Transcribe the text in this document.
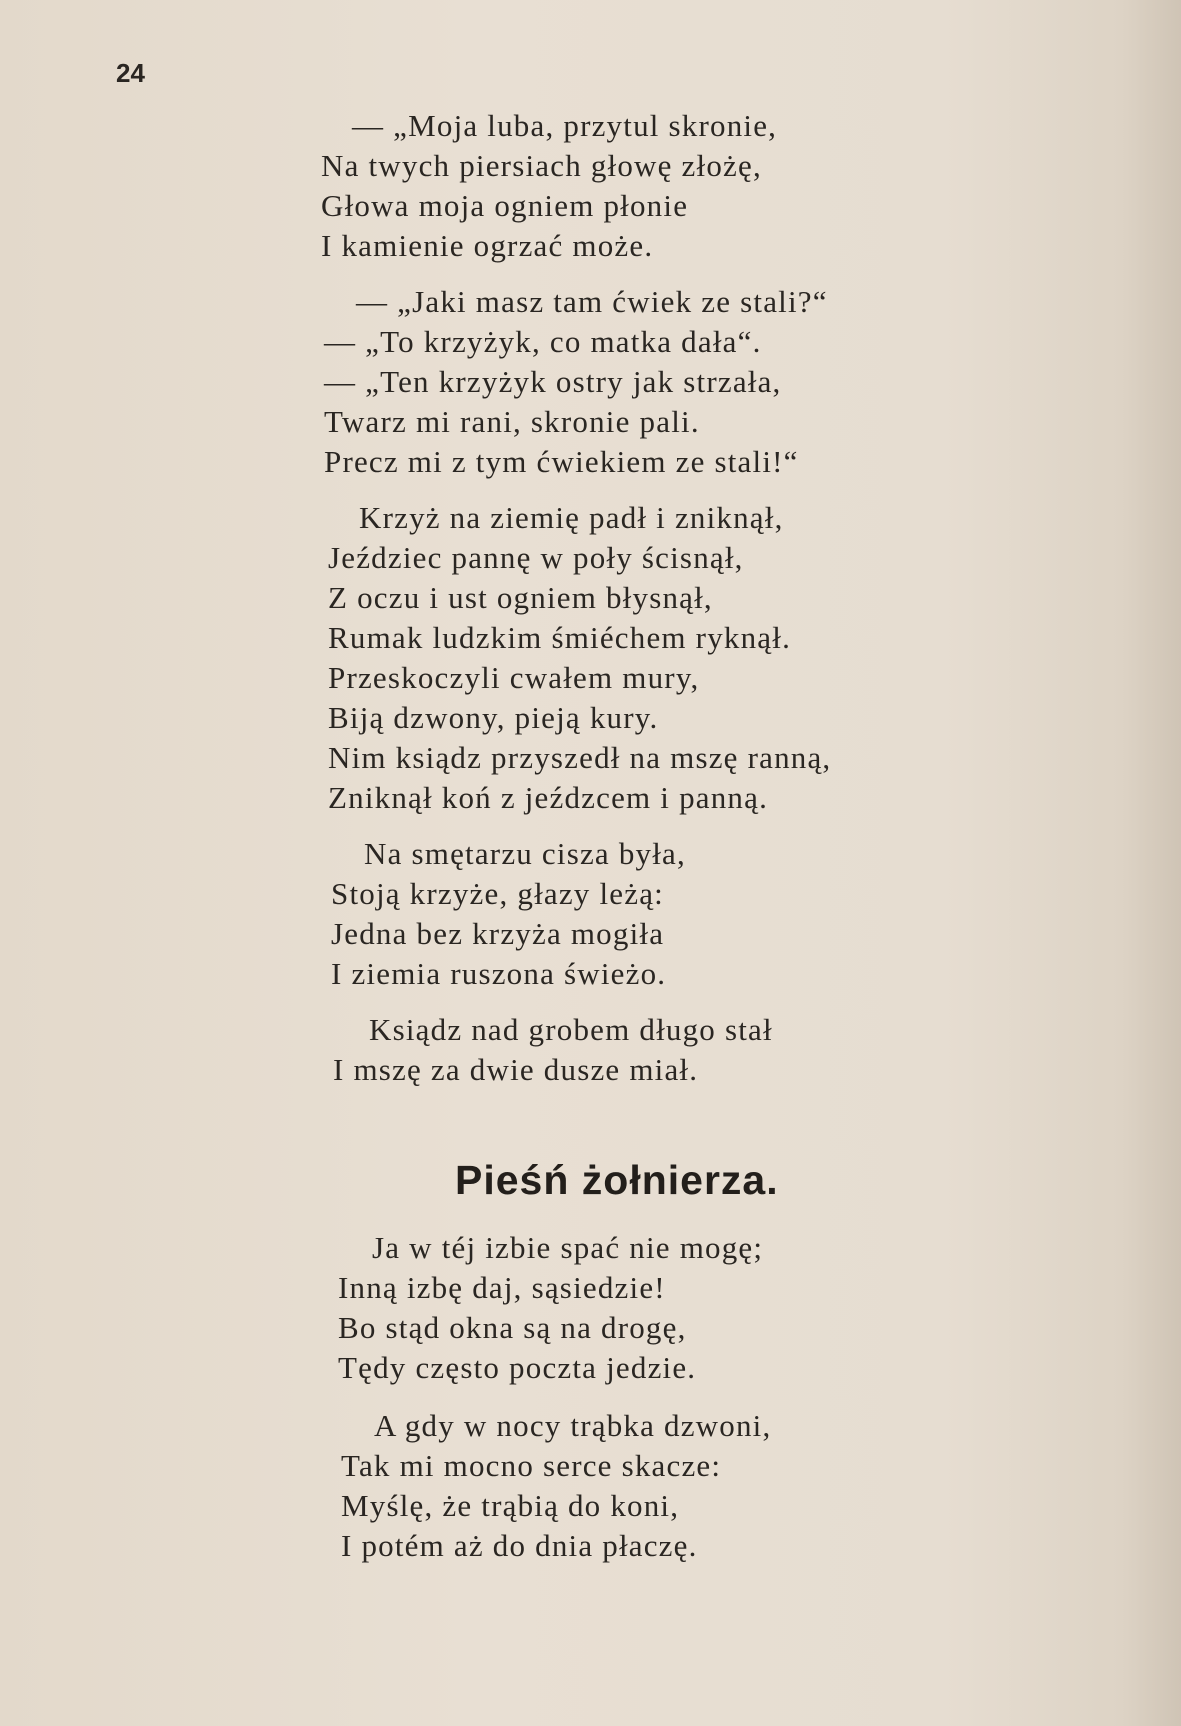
24
— „Moja luba, przytul skronie,
Na twych piersiach głowę złożę,
Głowa moja ogniem płonie
I kamienie ogrzać może.
— „Jaki masz tam ćwiek ze stali?“
— „To krzyżyk, co matka dała“.
— „Ten krzyżyk ostry jak strzała,
Twarz mi rani, skronie pali.
Precz mi z tym ćwiekiem ze stali!“
Krzyż na ziemię padł i zniknął,
Jeździec pannę w poły ścisnął,
Z oczu i ust ogniem błysnął,
Rumak ludzkim śmiéchem ryknął.
Przeskoczyli cwałem mury,
Biją dzwony, pieją kury.
Nim ksiądz przyszedł na mszę ranną,
Zniknął koń z jeźdzcem i panną.
Na smętarzu cisza była,
Stoją krzyże, głazy leżą:
Jedna bez krzyża mogiła
I ziemia ruszona świeżo.
Ksiądz nad grobem długo stał
I mszę za dwie dusze miał.
Pieśń żołnierza.
Ja w téj izbie spać nie mogę;
Inną izbę daj, sąsiedzie!
Bo stąd okna są na drogę,
Tędy często poczta jedzie.
A gdy w nocy trąbka dzwoni,
Tak mi mocno serce skacze:
Myślę, że trąbią do koni,
I potém aż do dnia płaczę.
